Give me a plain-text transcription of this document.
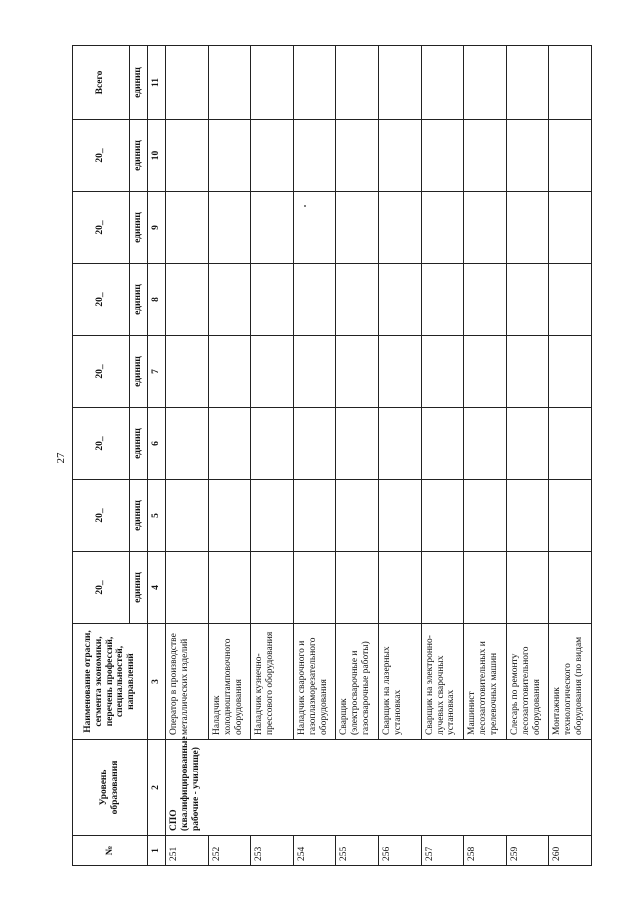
27
№	Уровень образования	Наименование отрасли, сегмента экономики, перечень профессий, специальностей, направлений	20_	20_	20_	20_	20_	20_	20_	Всего
			единиц	единиц	единиц	единиц	единиц	единиц	единиц	единиц
1	2	3	4	5	6	7	8	9	10	11
251	СПО (квалифицированные рабочие - училище)	Оператор в производстве металлических изделий								
252		Наладчик холодноштамповочного оборудования								
253		Наладчик кузнечно-прессового оборудования								
254		Наладчик сварочного и газоплазморезательного оборудования								
255		Сварщик (электросварочные и газосварочные работы)								
256		Сварщик на лазерных установках								
257		Сварщик на электронно-лучевых сварочных установках								
258		Машинист лесозаготовительных и трелевочных машин								
259		Слесарь по ремонту лесозаготовительного оборудования								
260		Монтажник технологического оборудования (по видам								
